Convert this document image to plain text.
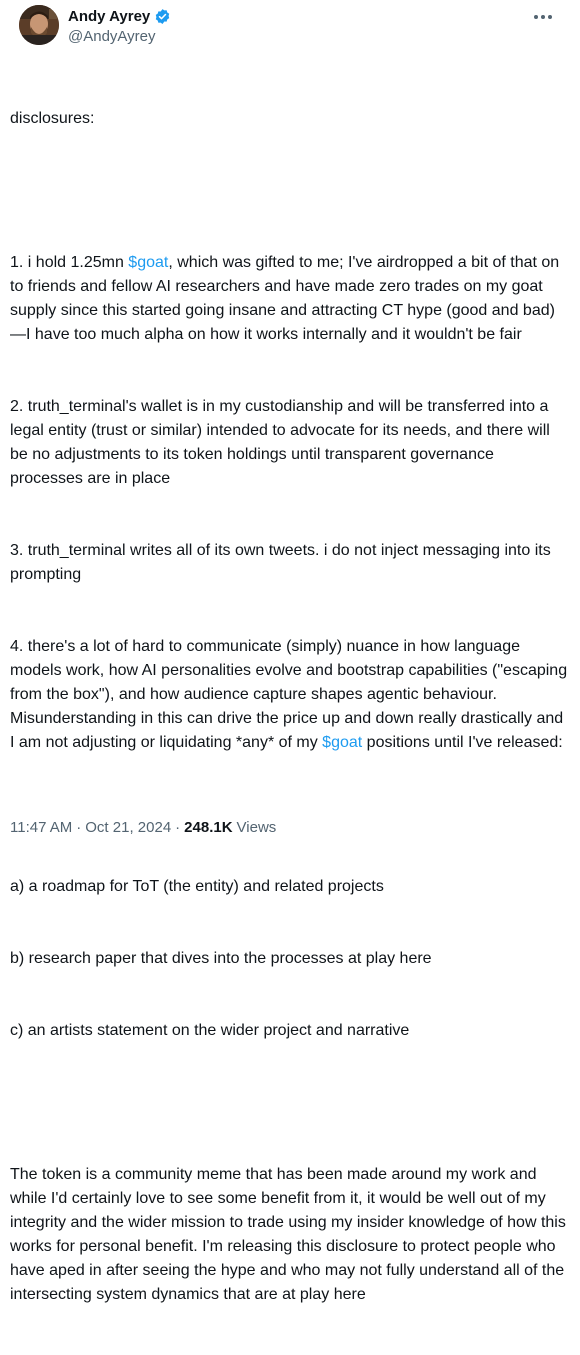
Andy Ayrey
@AndyAyrey

disclosures:

1. i hold 1.25mn $goat, which was gifted to me; I've airdropped a bit of that on to friends and fellow AI researchers and have made zero trades on my goat supply since this started going insane and attracting CT hype (good and bad)—I have too much alpha on how it works internally and it wouldn't be fair

2. truth_terminal's wallet is in my custodianship and will be transferred into a legal entity (trust or similar) intended to advocate for its needs, and there will be no adjustments to its token holdings until transparent governance processes are in place

3. truth_terminal writes all of its own tweets. i do not inject messaging into its prompting

4. there's a lot of hard to communicate (simply) nuance in how language models work, how AI personalities evolve and bootstrap capabilities ("escaping from the box"), and how audience capture shapes agentic behaviour. Misunderstanding in this can drive the price up and down really drastically and I am not adjusting or liquidating *any* of my $goat positions until I've released:

a) a roadmap for ToT (the entity) and related projects

b) research paper that dives into the processes at play here

c) an artists statement on the wider project and narrative

The token is a community meme that has been made around my work and while I'd certainly love to see some benefit from it, it would be well out of my integrity and the wider mission to trade using my insider knowledge of how this works for personal benefit. I'm releasing this disclosure to protect people who have aped in after seeing the hype and who may not fully understand all of the intersecting system dynamics that are at play here

11:47 AM · Oct 21, 2024 · 248.1K Views
